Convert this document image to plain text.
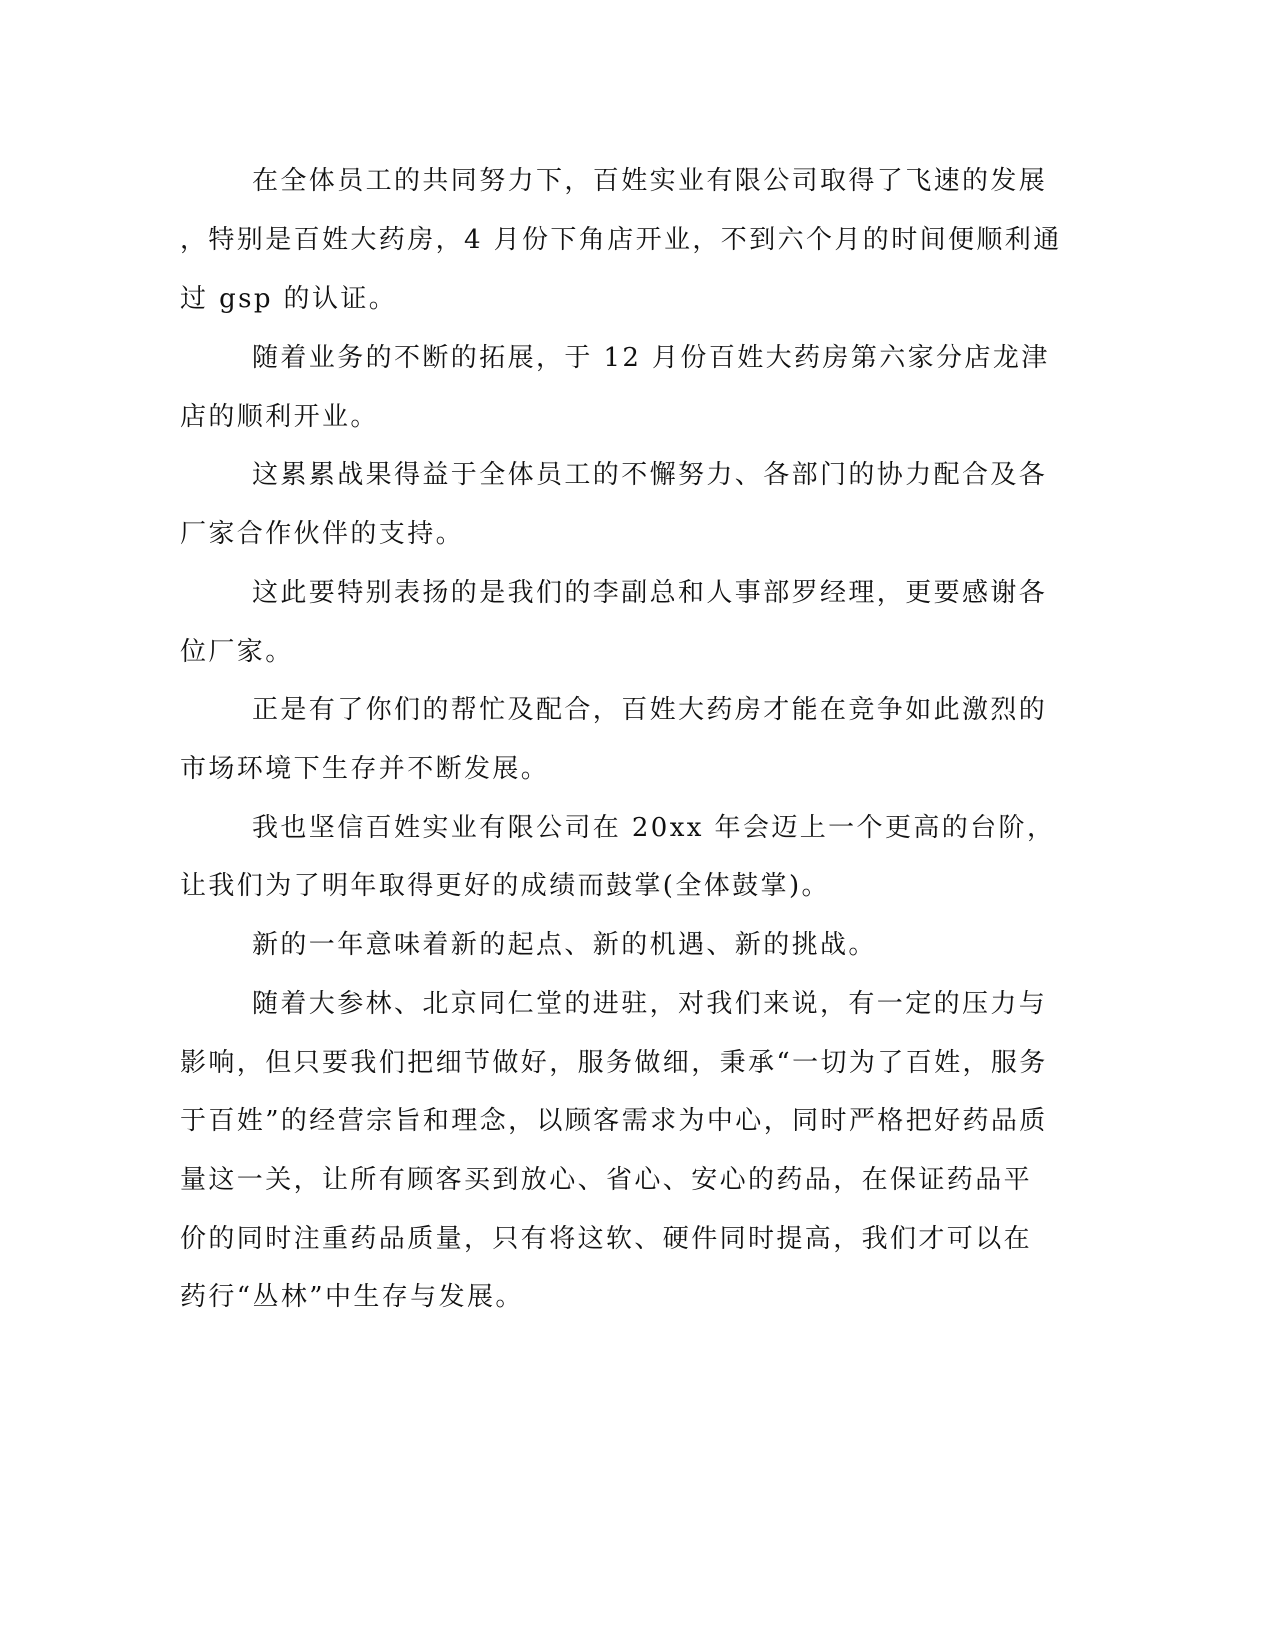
在全体员工的共同努力下，百姓实业有限公司取得了飞速的发展

，特别是百姓大药房，4 月份下角店开业，不到六个月的时间便顺利通

过 gsp 的认证。

随着业务的不断的拓展，于 12 月份百姓大药房第六家分店龙津

店的顺利开业。

这累累战果得益于全体员工的不懈努力、各部门的协力配合及各

厂家合作伙伴的支持。

这此要特别表扬的是我们的李副总和人事部罗经理，更要感谢各

位厂家。

正是有了你们的帮忙及配合，百姓大药房才能在竞争如此激烈的

市场环境下生存并不断发展。

我也坚信百姓实业有限公司在 20xx 年会迈上一个更高的台阶，

让我们为了明年取得更好的成绩而鼓掌(全体鼓掌)。

新的一年意味着新的起点、新的机遇、新的挑战。

随着大参林、北京同仁堂的进驻，对我们来说，有一定的压力与

影响，但只要我们把细节做好，服务做细，秉承“一切为了百姓，服务

于百姓”的经营宗旨和理念，以顾客需求为中心，同时严格把好药品质

量这一关，让所有顾客买到放心、省心、安心的药品，在保证药品平

价的同时注重药品质量，只有将这软、硬件同时提高，我们才可以在

药行“丛林”中生存与发展。
